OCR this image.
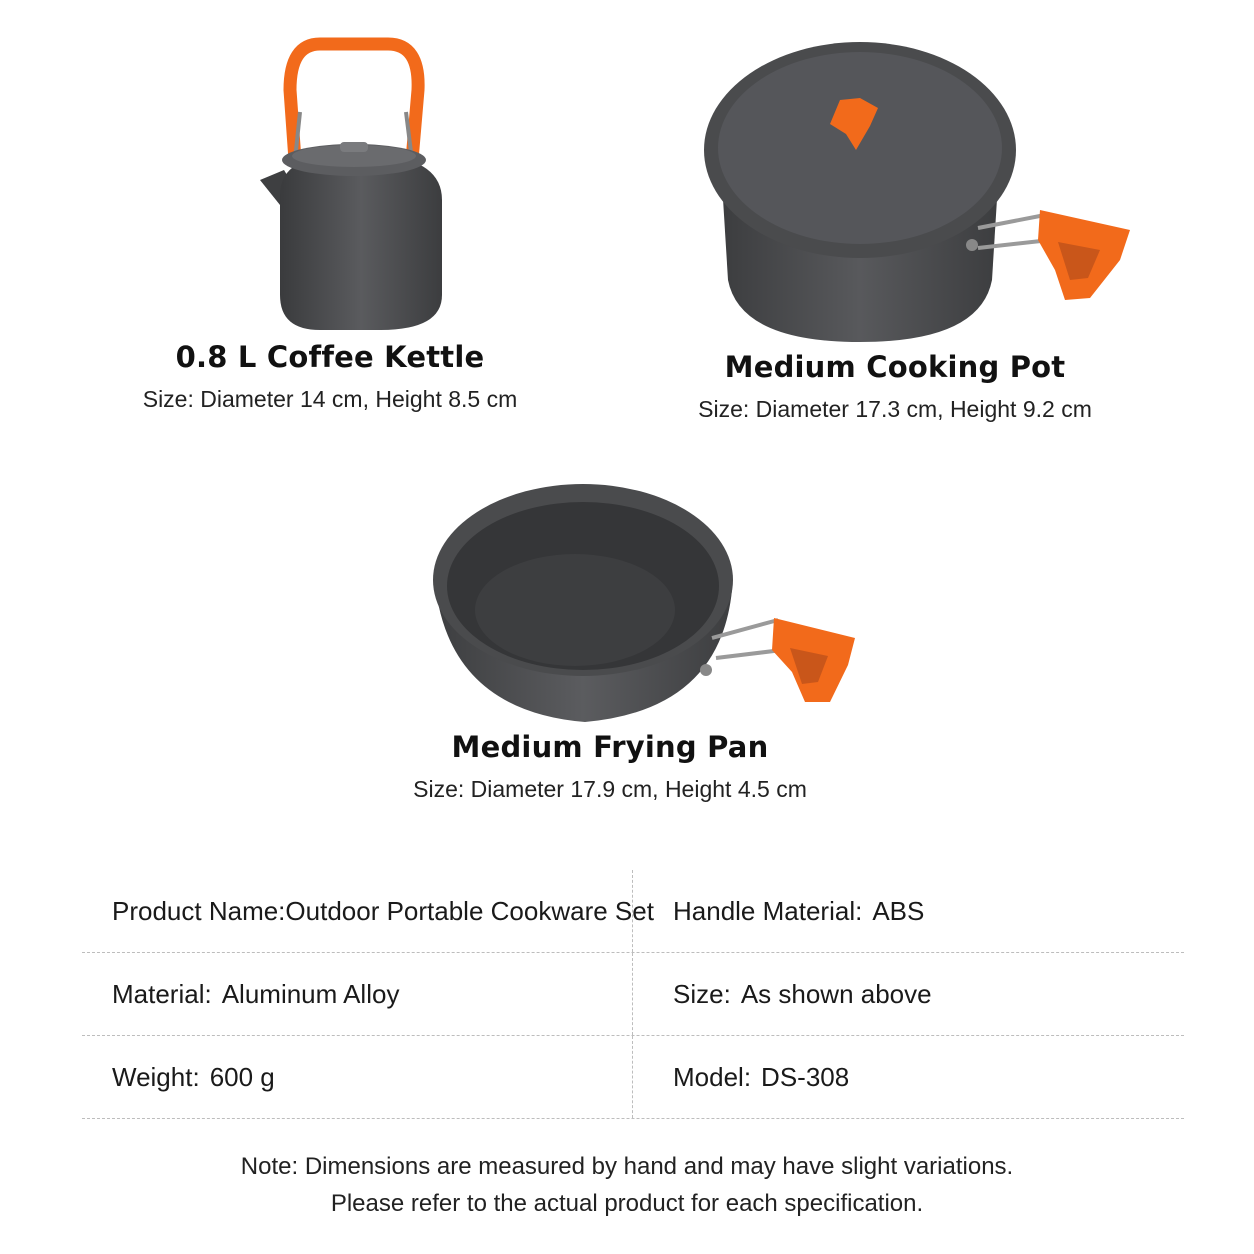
0.8 L Coffee Kettle
Size: Diameter 14 cm, Height 8.5 cm
Medium Cooking Pot
Size: Diameter 17.3 cm, Height 9.2 cm
Medium Frying Pan
Size: Diameter 17.9 cm, Height 4.5 cm
Product Name: Outdoor Portable Cookware Set Handle Material: ABS
Material: Aluminum Alloy	Size: As shown above
Weight: 600 g	Model: DS-308
Note: Dimensions are measured by hand and may have slight variations.
Please refer to the actual product for each specification.
